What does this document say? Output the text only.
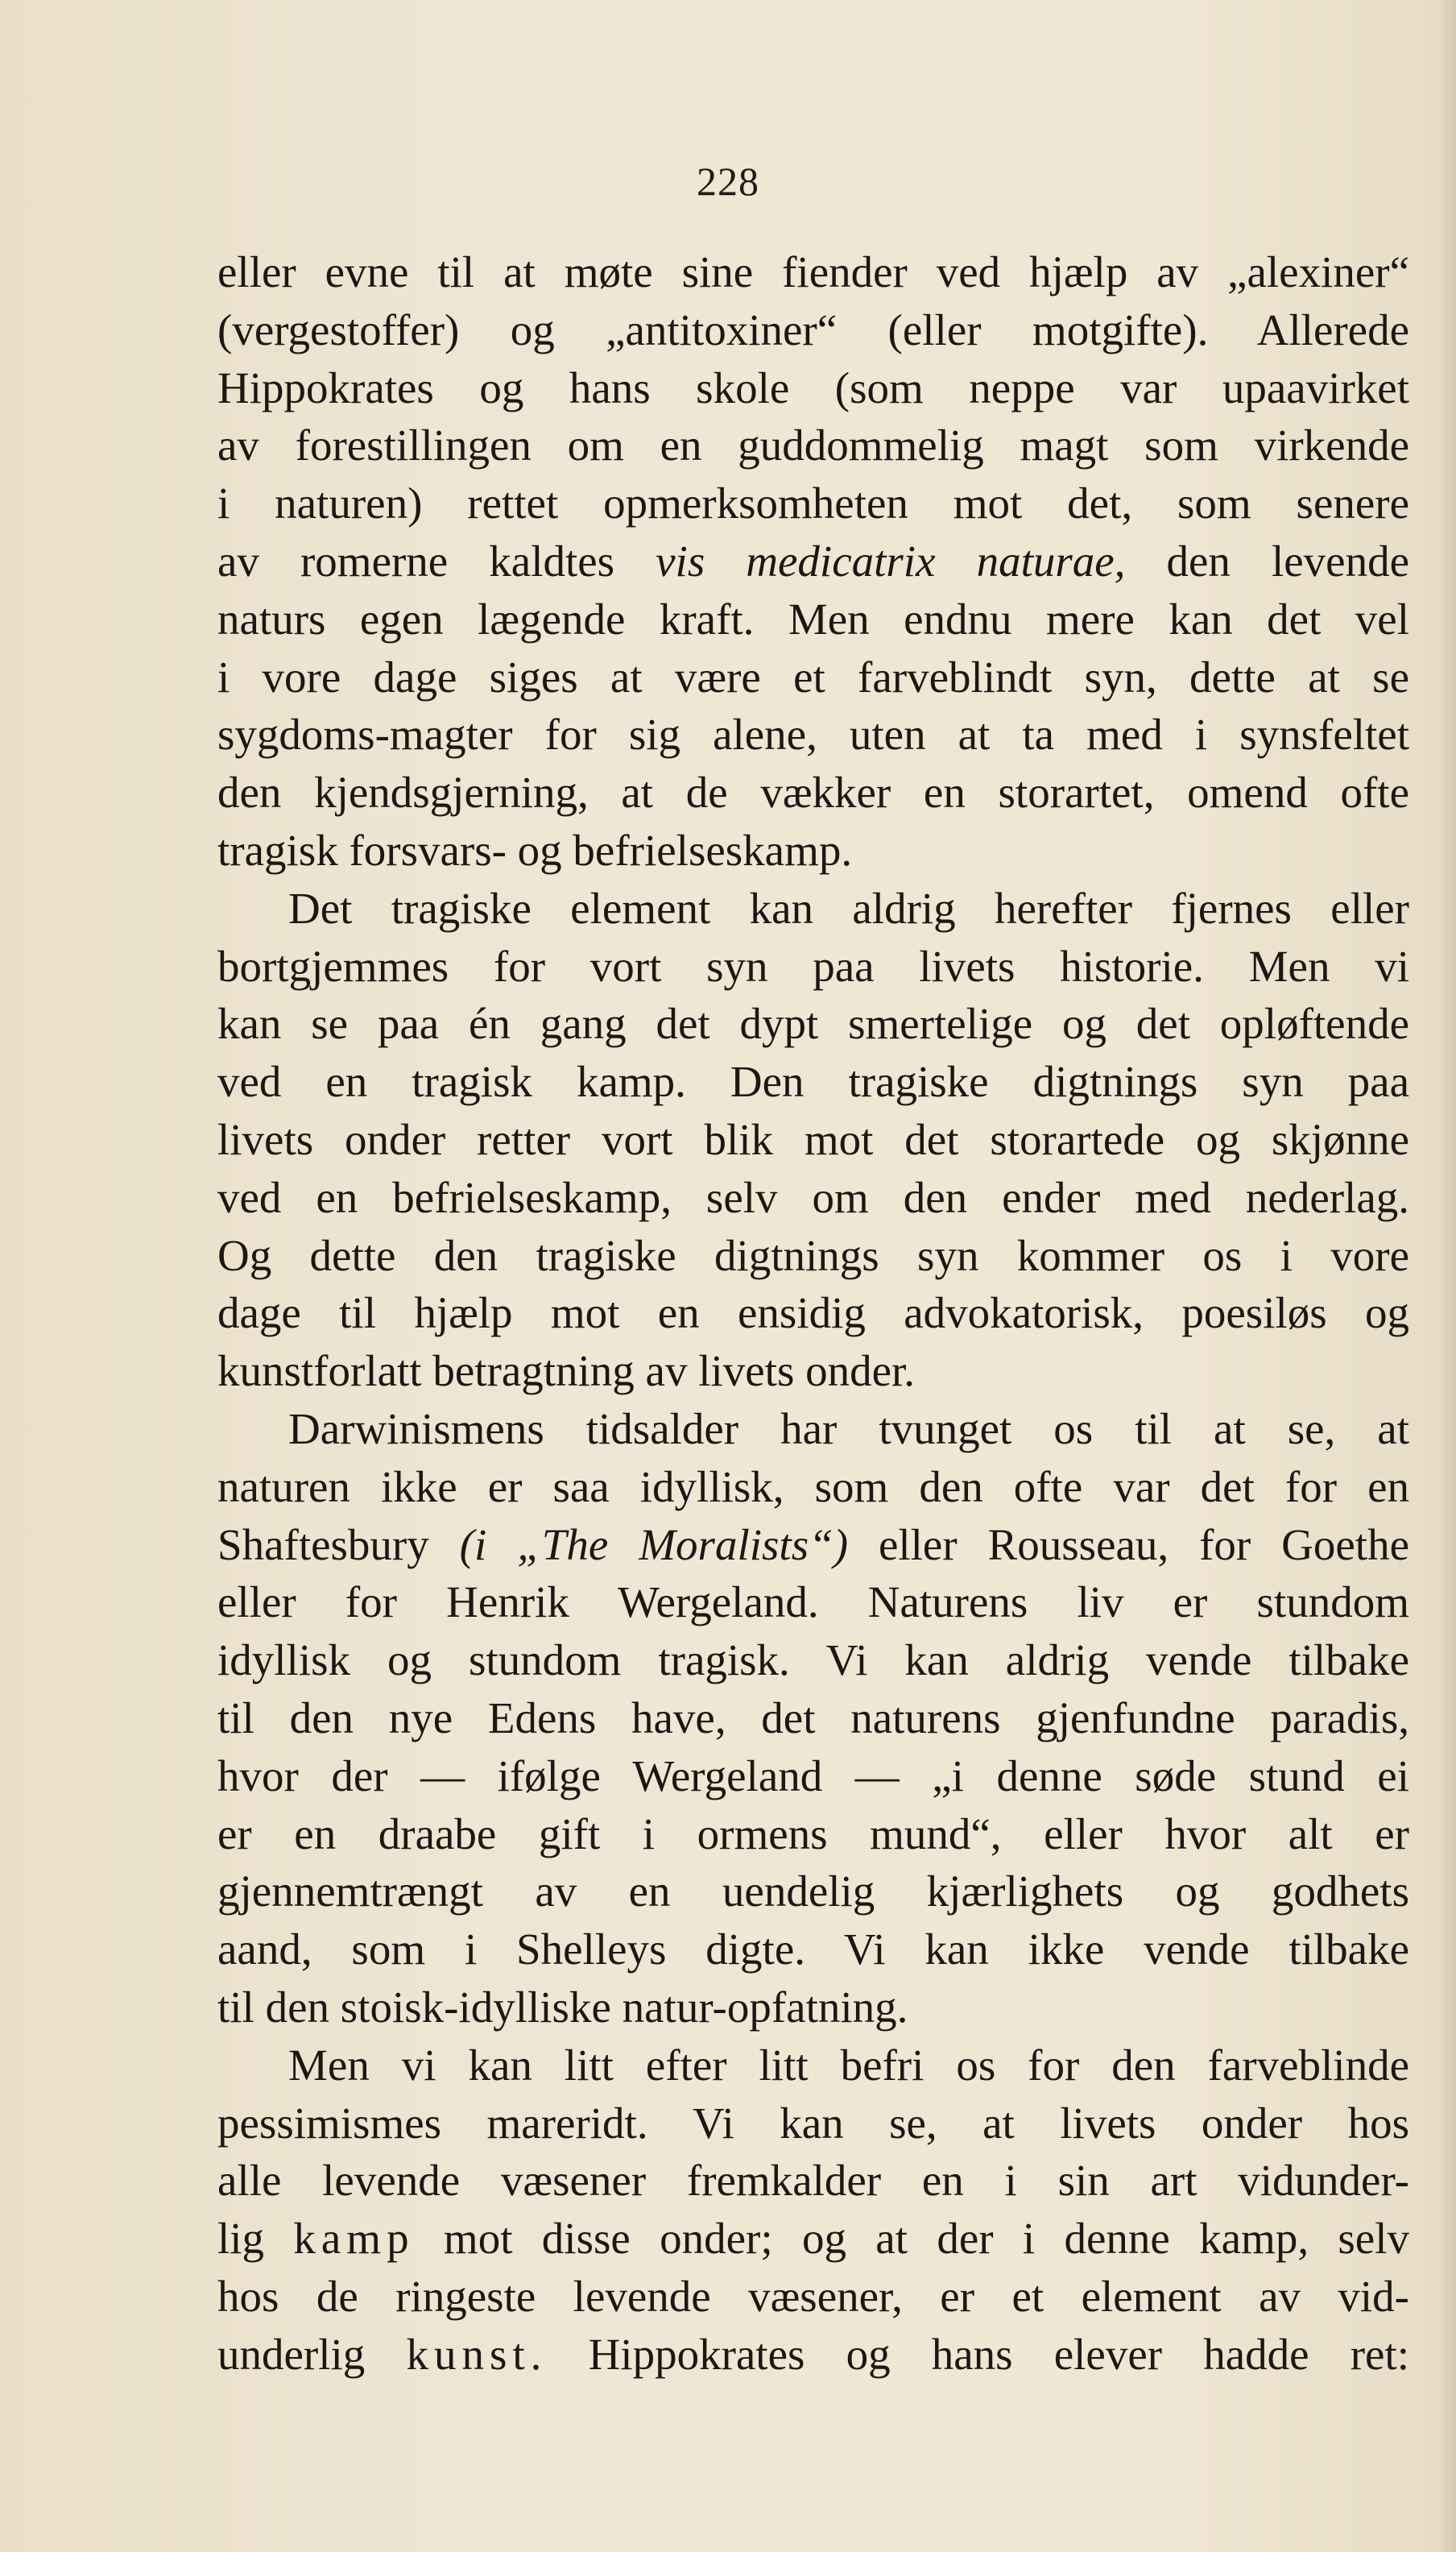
228
eller evne til at møte sine fiender ved hjælp av „alexiner“
(vergestoffer) og „antitoxiner“ (eller motgifte). Allerede
Hippokrates og hans skole (som neppe var upaavirket
av forestillingen om en guddommelig magt som virkende
i naturen) rettet opmerksomheten mot det, som senere
av romerne kaldtes vis medicatrix naturae, den levende
naturs egen lægende kraft. Men endnu mere kan det vel
i vore dage siges at være et farveblindt syn, dette at se
sygdoms-magter for sig alene, uten at ta med i synsfeltet
den kjendsgjerning, at de vækker en storartet, omend ofte
tragisk forsvars- og befrielseskamp.
Det tragiske element kan aldrig herefter fjernes eller
bortgjemmes for vort syn paa livets historie. Men vi
kan se paa én gang det dypt smertelige og det opløftende
ved en tragisk kamp. Den tragiske digtnings syn paa
livets onder retter vort blik mot det storartede og skjønne
ved en befrielseskamp, selv om den ender med nederlag.
Og dette den tragiske digtnings syn kommer os i vore
dage til hjælp mot en ensidig advokatorisk, poesiløs og
kunstforlatt betragtning av livets onder.
Darwinismens tidsalder har tvunget os til at se, at
naturen ikke er saa idyllisk, som den ofte var det for en
Shaftesbury (i „The Moralists“) eller Rousseau, for Goethe
eller for Henrik Wergeland. Naturens liv er stundom
idyllisk og stundom tragisk. Vi kan aldrig vende tilbake
til den nye Edens have, det naturens gjenfundne paradis,
hvor der — ifølge Wergeland — „i denne søde stund ei
er en draabe gift i ormens mund“, eller hvor alt er
gjennemtrængt av en uendelig kjærlighets og godhets
aand, som i Shelleys digte. Vi kan ikke vende tilbake
til den stoisk-idylliske natur-opfatning.
Men vi kan litt efter litt befri os for den farveblinde
pessimismes mareridt. Vi kan se, at livets onder hos
alle levende væsener fremkalder en i sin art vidunder-
lig kamp mot disse onder; og at der i denne kamp, selv
hos de ringeste levende væsener, er et element av vid-
underlig kunst. Hippokrates og hans elever hadde ret:
